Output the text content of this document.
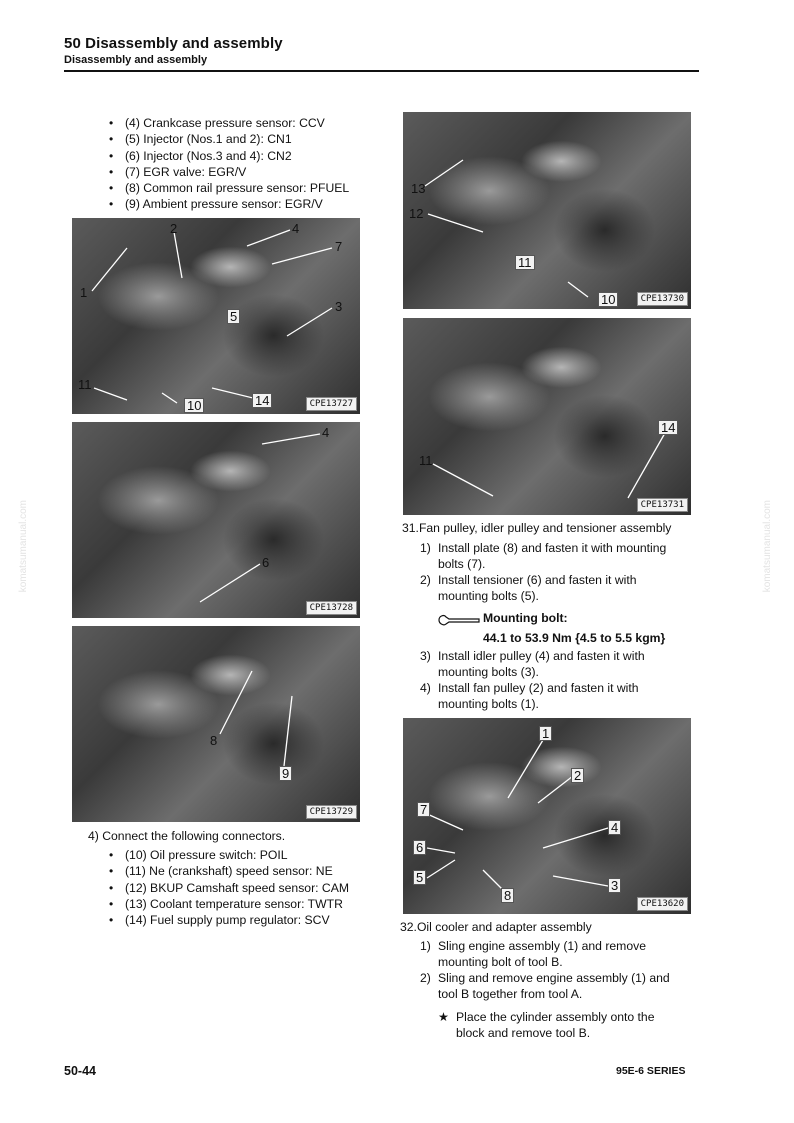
50 Disassembly and assembly
Disassembly and assembly
komatsumanual.com	komatsumanual.com
• (4) Crankcase pressure sensor: CCV
• (5) Injector (Nos.1 and 2): CN1
• (6) Injector (Nos.3 and 4): CN2
• (7) EGR valve: EGR/V
• (8) Common rail pressure sensor: PFUEL
• (9) Ambient pressure sensor: EGR/V
1
2	4
7
3
5
11
10	14	CPE13727
4
6
CPE13728
8
9
CPE13729
4) Connect the following connectors.
• (10) Oil pressure switch: POIL
• (11) Ne (crankshaft) speed sensor: NE
• (12) BKUP Camshaft speed sensor: CAM
• (13) Coolant temperature sensor: TWTR
• (14) Fuel supply pump regulator: SCV
13
12
11
10	CPE13730
14
11
CPE13731
31.Fan pulley, idler pulley and tensioner assembly
1) Install plate (8) and fasten it with mounting
bolts (7).
2) Install tensioner (6) and fasten it with
mounting bolts (5).
Mounting bolt:
44.1 to 53.9 Nm {4.5 to 5.5 kgm}
3) Install idler pulley (4) and fasten it with
mounting bolts (3).
4) Install fan pulley (2) and fasten it with
mounting bolts (1).
1
2
7
4
6
5
3
8
CPE13620
32.Oil cooler and adapter assembly
1) Sling engine assembly (1) and remove
mounting bolt of tool B.
2) Sling and remove engine assembly (1) and
tool B together from tool A.
★ Place the cylinder assembly onto the
block and remove tool B.
50-44	95E-6 SERIES
